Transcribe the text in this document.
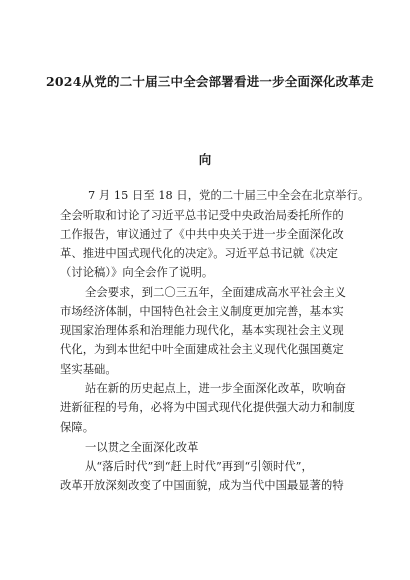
2024从党的二十届三中全会部署看进一步全面深化改革走
向
7 月 15 日至 18 日，党的二十届三中全会在北京举行。
全会听取和讨论了习近平总书记受中央政治局委托所作的
工作报告，审议通过了《中共中央关于进一步全面深化改
革、推进中国式现代化的决定》。习近平总书记就《决定
（讨论稿）》向全会作了说明。
全会要求，到二〇三五年，全面建成高水平社会主义
市场经济体制，中国特色社会主义制度更加完善，基本实
现国家治理体系和治理能力现代化，基本实现社会主义现
代化，为到本世纪中叶全面建成社会主义现代化强国奠定
坚实基础。
站在新的历史起点上，进一步全面深化改革，吹响奋
进新征程的号角，必将为中国式现代化提供强大动力和制度
保障。
一以贯之全面深化改革
从“落后时代”到“赶上时代”再到“引领时代”，
改革开放深刻改变了中国面貌，成为当代中国最显著的特
